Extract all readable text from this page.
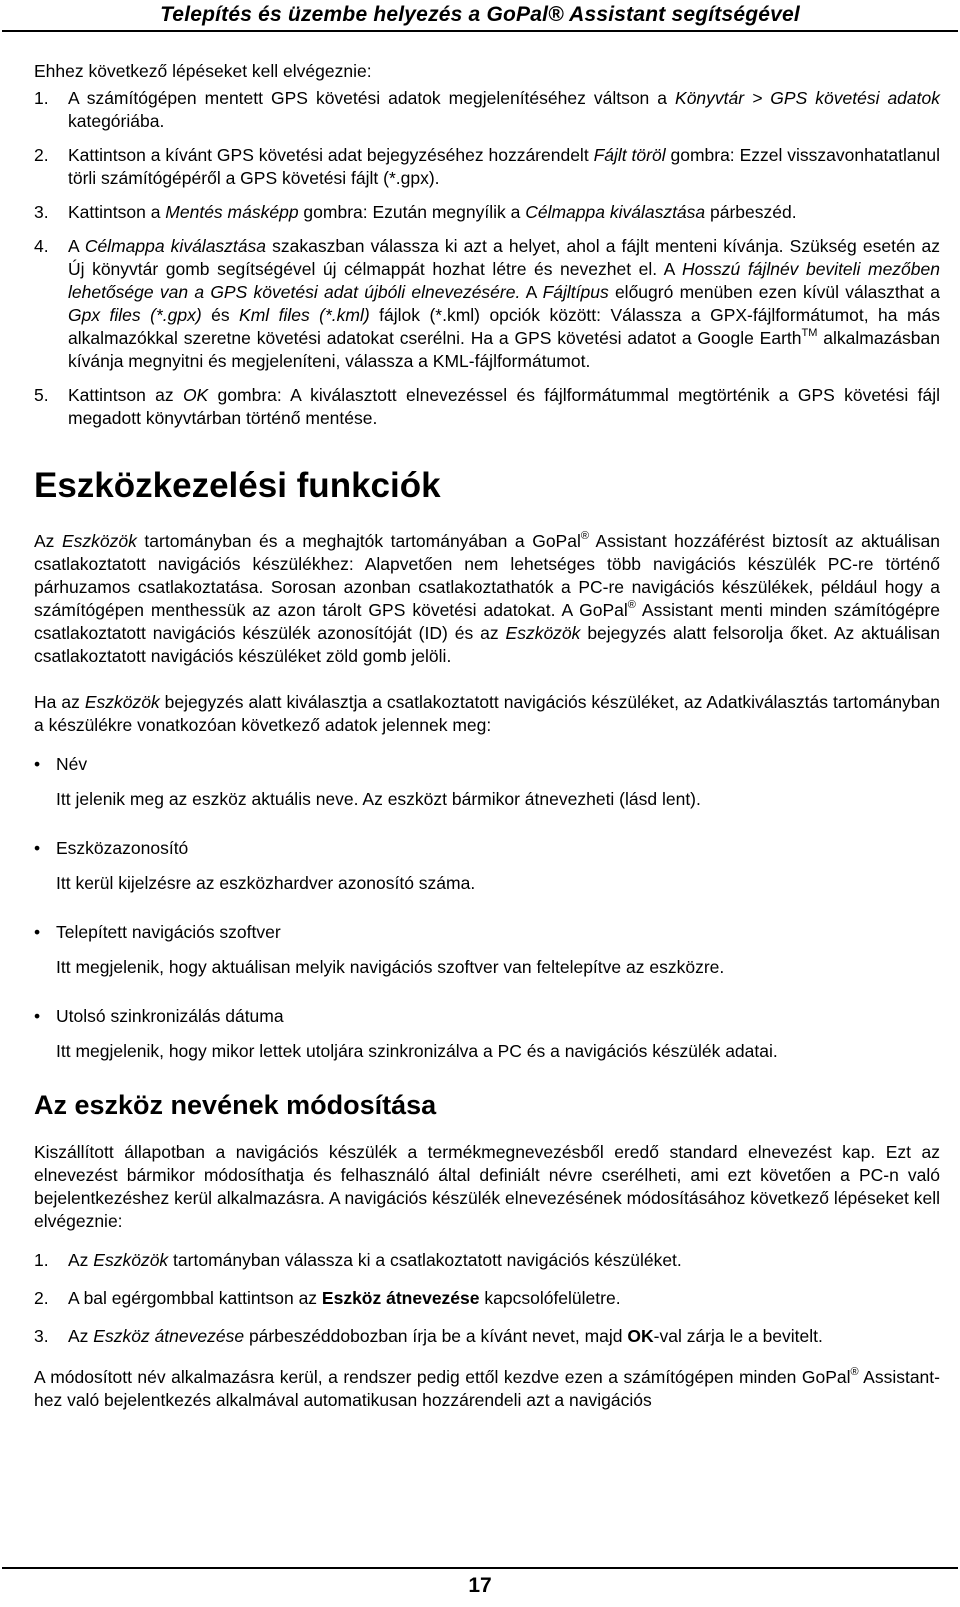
Telepítés és üzembe helyezés a GoPal® Assistant segítségével

Ehhez következő lépéseket kell elvégeznie:

1. A számítógépen mentett GPS követési adatok megjelenítéséhez váltson a Könyvtár > GPS követési adatok kategóriába.
2. Kattintson a kívánt GPS követési adat bejegyzéséhez hozzárendelt Fájlt töröl gombra: Ezzel visszavonhatatlanul törli számítógépéről a GPS követési fájlt (*.gpx).
3. Kattintson a Mentés másképp gombra: Ezután megnyílik a Célmappa kiválasztása párbeszéd.
4. A Célmappa kiválasztása szakaszban válassza ki azt a helyet, ahol a fájlt menteni kívánja. Szükség esetén az Új könyvtár gomb segítségével új célmappát hozhat létre és nevezhet el. A Hosszú fájlnév beviteli mezőben lehetősége van a GPS követési adat újbóli elnevezésére. A Fájltípus előugró menüben ezen kívül választhat a Gpx files (*.gpx) és Kml files (*.kml) fájlok (*.kml) opciók között: Válassza a GPX-fájlformátumot, ha más alkalmazókkal szeretne követési adatokat cserélni. Ha a GPS követési adatot a Google Earth™ alkalmazásban kívánja megnyitni és megjeleníteni, válassza a KML-fájlformátumot.
5. Kattintson az OK gombra: A kiválasztott elnevezéssel és fájlformátummal megtörténik a GPS követési fájl megadott könyvtárban történő mentése.
Eszközkezelési funkciók

Az Eszközök tartományban és a meghajtók tartományában a GoPal® Assistant hozzáférést biztosít az aktuálisan csatlakoztatott navigációs készülékhez: Alapvetően nem lehetséges több navigációs készülék PC-re történő párhuzamos csatlakoztatása. Sorosan azonban csatlakoztathatók a PC-re navigációs készülékek, például hogy a számítógépen menthessük az azon tárolt GPS követési adatokat. A GoPal® Assistant menti minden számítógépre csatlakoztatott navigációs készülék azonosítóját (ID) és az Eszközök bejegyzés alatt felsorolja őket. Az aktuálisan csatlakoztatott navigációs készüléket zöld gomb jelöli.

Ha az Eszközök bejegyzés alatt kiválasztja a csatlakoztatott navigációs készüléket, az Adatkiválasztás tartományban a készülékre vonatkozóan következő adatok jelennek meg:

• Név
Itt jelenik meg az eszköz aktuális neve. Az eszközt bármikor átnevezheti (lásd lent).
• Eszközazonosító
Itt kerül kijelzésre az eszközhardver azonosító száma.
• Telepített navigációs szoftver
Itt megjelenik, hogy aktuálisan melyik navigációs szoftver van feltelepítve az eszközre.
• Utolsó szinkronizálás dátuma
Itt megjelenik, hogy mikor lettek utoljára szinkronizálva a PC és a navigációs készülék adatai.
Az eszköz nevének módosítása

Kiszállított állapotban a navigációs készülék a termékmegnevezésből eredő standard elnevezést kap. Ezt az elnevezést bármikor módosíthatja és felhasználó által definiált névre cserélheti, ami ezt követően a PC-n való bejelentkezéshez kerül alkalmazásra. A navigációs készülék elnevezésének módosításához következő lépéseket kell elvégeznie:

1. Az Eszközök tartományban válassza ki a csatlakoztatott navigációs készüléket.
2. A bal egérgombbal kattintson az Eszköz átnevezése kapcsolófelületre.
3. Az Eszköz átnevezése párbeszéddobozban írja be a kívánt nevet, majd OK-val zárja le a bevitelt.

A módosított név alkalmazásra kerül, a rendszer pedig ettől kezdve ezen a számítógépen minden GoPal® Assistant-hez való bejelentkezés alkalmával automatikusan hozzárendeli azt a navigációs

17
